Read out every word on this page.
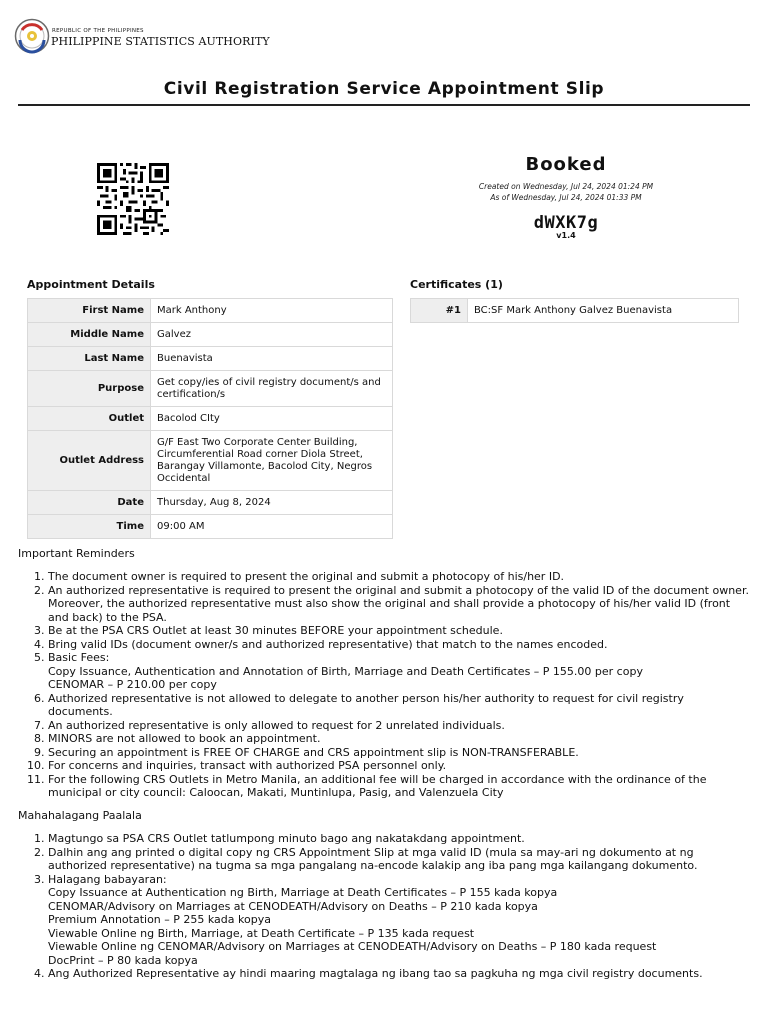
REPUBLIC OF THE PHILIPPINES
PHILIPPINE STATISTICS AUTHORITY
Civil Registration Service Appointment Slip
Booked
Created on Wednesday, Jul 24, 2024 01:24 PM
As of Wednesday, Jul 24, 2024 01:33 PM
dWXK7g
v1.4
Appointment Details	Certificates (1)
First Name	Mark Anthony
Middle Name	Galvez
Last Name	Buenavista
Purpose	Get copy/ies of civil registry document/s and certification/s
Outlet	Bacolod CIty
Outlet Address	G/F East Two Corporate Center Building, Circumferential Road corner Diola Street, Barangay Villamonte, Bacolod City, Negros Occidental
Date	Thursday, Aug 8, 2024
Time	09:00 AM
#1	BC:SF Mark Anthony Galvez Buenavista
Important Reminders
1. The document owner is required to present the original and submit a photocopy of his/her ID.
2. An authorized representative is required to present the original and submit a photocopy of the valid ID of the document owner. Moreover, the authorized representative must also show the original and shall provide a photocopy of his/her valid ID (front and back) to the PSA.
3. Be at the PSA CRS Outlet at least 30 minutes BEFORE your appointment schedule.
4. Bring valid IDs (document owner/s and authorized representative) that match to the names encoded.
5. Basic Fees:
Copy Issuance, Authentication and Annotation of Birth, Marriage and Death Certificates – P 155.00 per copy
CENOMAR – P 210.00 per copy
6. Authorized representative is not allowed to delegate to another person his/her authority to request for civil registry documents.
7. An authorized representative is only allowed to request for 2 unrelated individuals.
8. MINORS are not allowed to book an appointment.
9. Securing an appointment is FREE OF CHARGE and CRS appointment slip is NON-TRANSFERABLE.
10. For concerns and inquiries, transact with authorized PSA personnel only.
11. For the following CRS Outlets in Metro Manila, an additional fee will be charged in accordance with the ordinance of the municipal or city council: Caloocan, Makati, Muntinlupa, Pasig, and Valenzuela City
Mahahalagang Paalala
1. Magtungo sa PSA CRS Outlet tatlumpong minuto bago ang nakatakdang appointment.
2. Dalhin ang ang printed o digital copy ng CRS Appointment Slip at mga valid ID (mula sa may-ari ng dokumento at ng authorized representative) na tugma sa mga pangalang na-encode kalakip ang iba pang mga kailangang dokumento.
3. Halagang babayaran:
Copy Issuance at Authentication ng Birth, Marriage at Death Certificates – P 155 kada kopya
CENOMAR/Advisory on Marriages at CENODEATH/Advisory on Deaths – P 210 kada kopya
Premium Annotation – P 255 kada kopya
Viewable Online ng Birth, Marriage, at Death Certificate – P 135 kada request
Viewable Online ng CENOMAR/Advisory on Marriages at CENODEATH/Advisory on Deaths – P 180 kada request
DocPrint – P 80 kada kopya
4. Ang Authorized Representative ay hindi maaring magtalaga ng ibang tao sa pagkuha ng mga civil registry documents.
